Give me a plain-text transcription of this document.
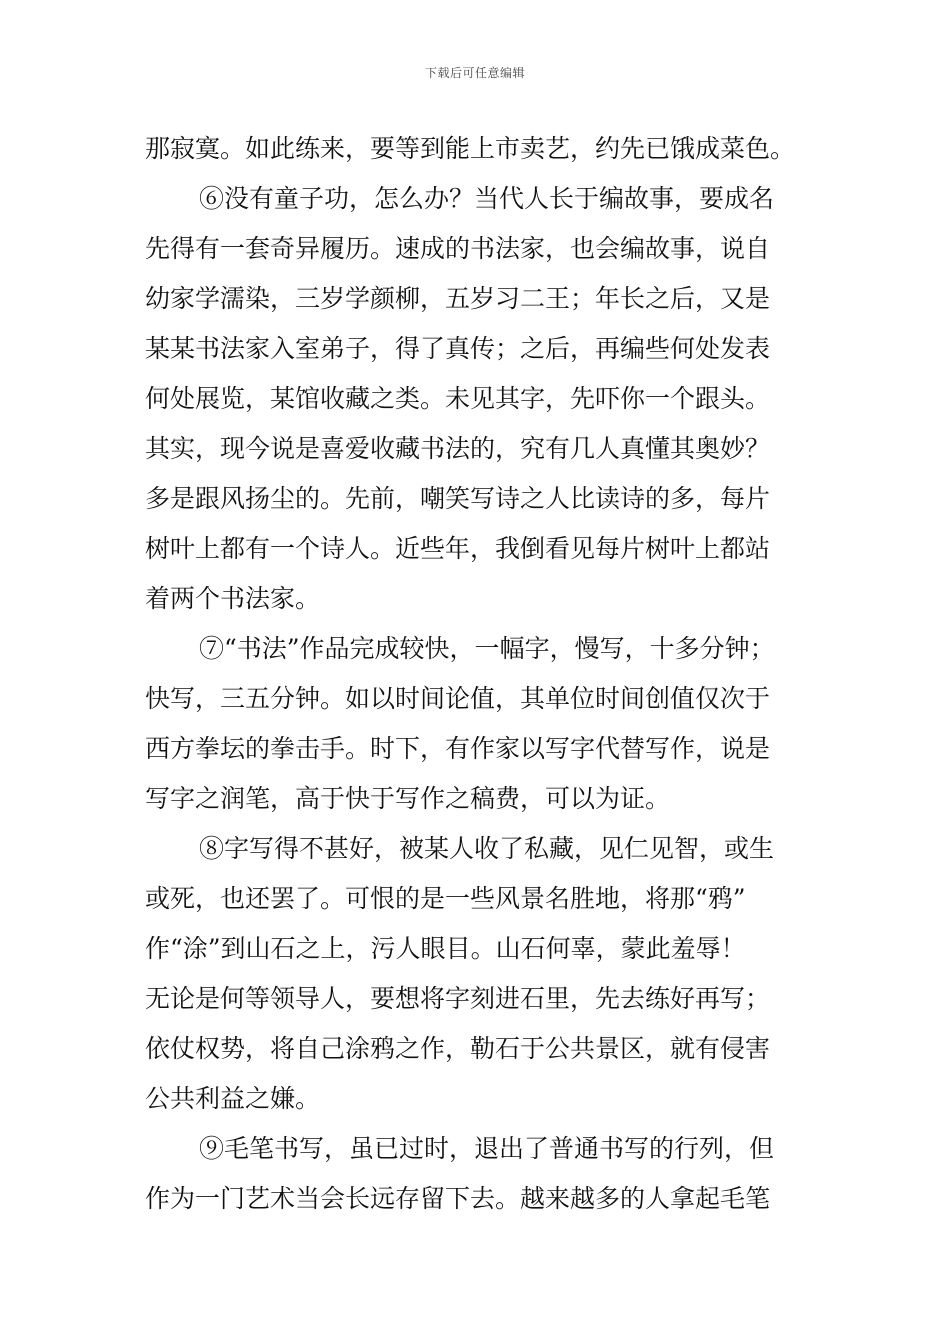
下载后可任意编辑
那寂寞。如此练来，要等到能上市卖艺，约先已饿成菜色。
⑥没有童子功，怎么办？当代人长于编故事，要成名
先得有一套奇异履历。速成的书法家，也会编故事，说自
幼家学濡染，三岁学颜柳，五岁习二王；年长之后，又是
某某书法家入室弟子，得了真传；之后，再编些何处发表
何处展览，某馆收藏之类。未见其字，先吓你一个跟头。
其实，现今说是喜爱收藏书法的，究有几人真懂其奥妙？
多是跟风扬尘的。先前，嘲笑写诗之人比读诗的多，每片
树叶上都有一个诗人。近些年，我倒看见每片树叶上都站
着两个书法家。
⑦“书法”作品完成较快，一幅字，慢写，十多分钟；
快写，三五分钟。如以时间论值，其单位时间创值仅次于
西方拳坛的拳击手。时下，有作家以写字代替写作，说是
写字之润笔，高于快于写作之稿费，可以为证。
⑧字写得不甚好，被某人收了私藏，见仁见智，或生
或死，也还罢了。可恨的是一些风景名胜地，将那“鸦”
作“涂”到山石之上，污人眼目。山石何辜，蒙此羞辱！
无论是何等领导人，要想将字刻进石里，先去练好再写；
依仗权势，将自己涂鸦之作，勒石于公共景区，就有侵害
公共利益之嫌。
⑨毛笔书写，虽已过时，退出了普通书写的行列，但
作为一门艺术当会长远存留下去。越来越多的人拿起毛笔
